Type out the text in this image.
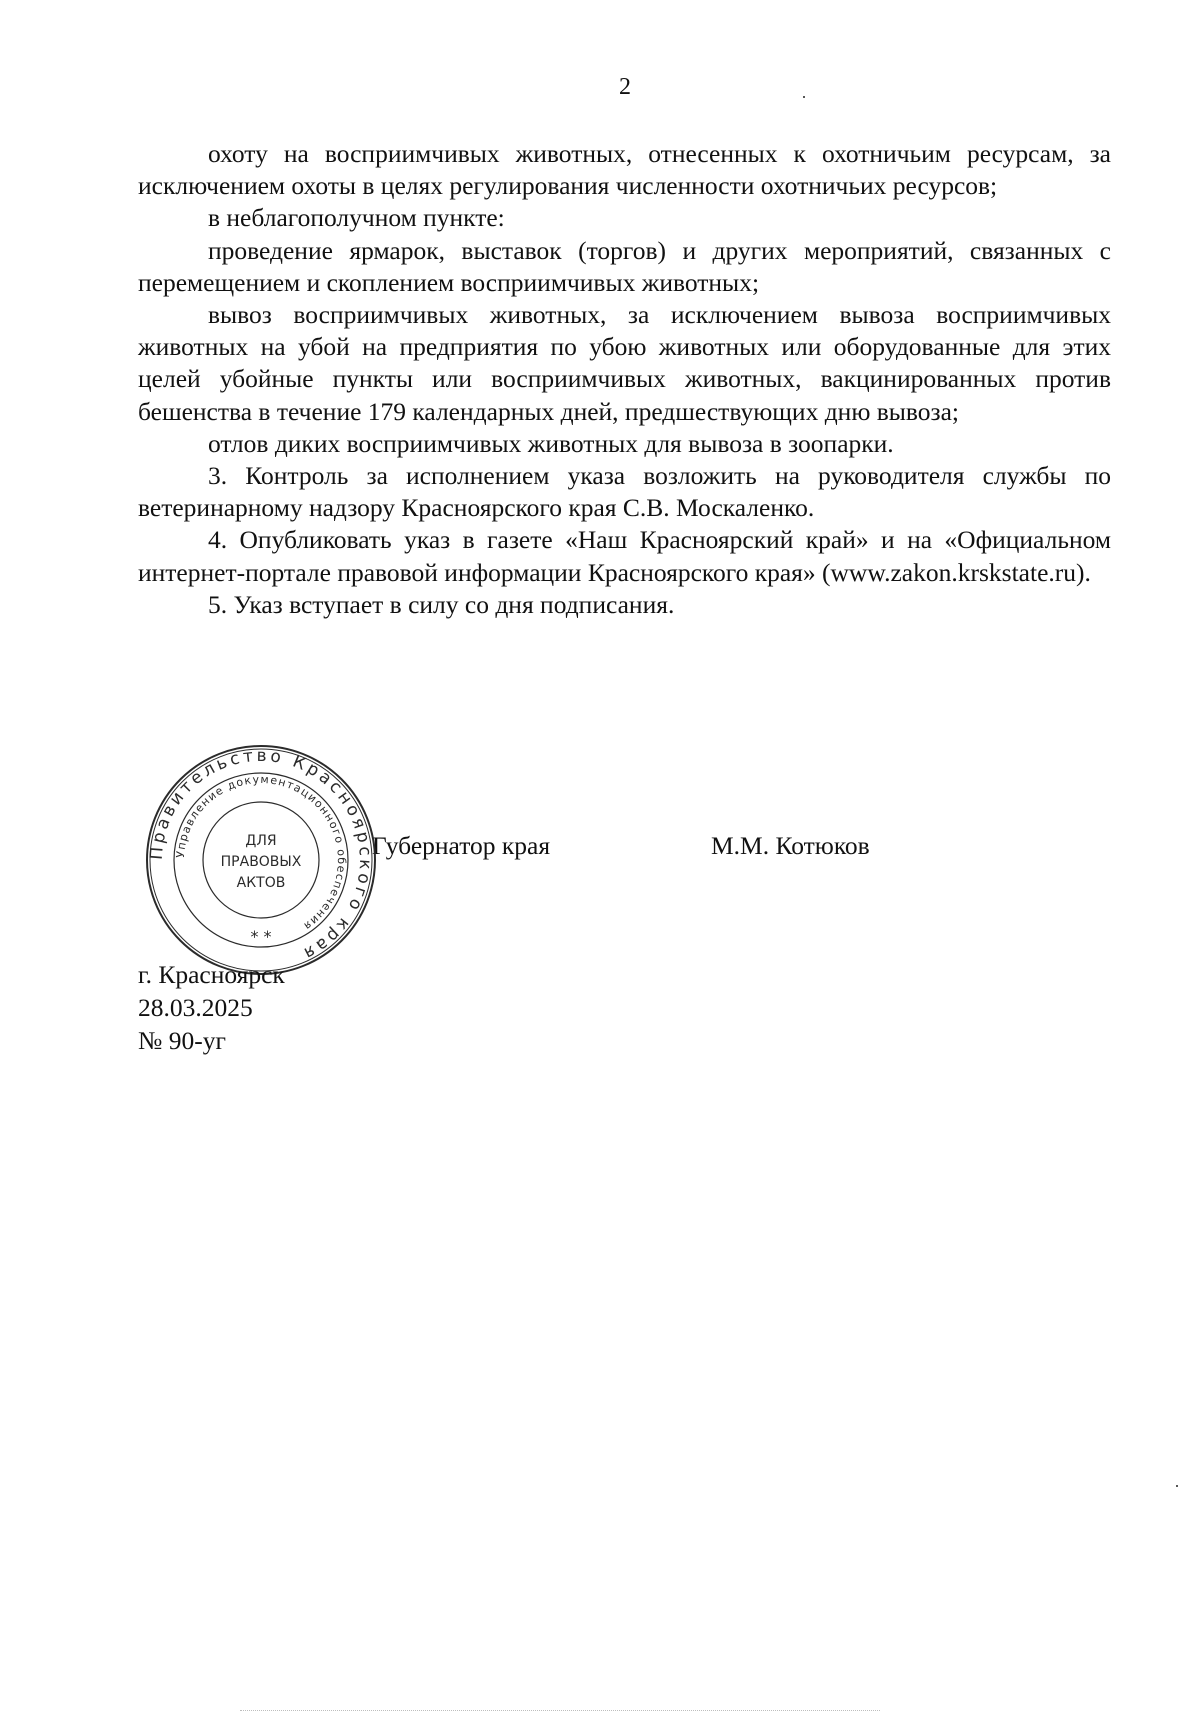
2

охоту на восприимчивых животных, отнесенных к охотничьим ресурсам, за исключением охоты в целях регулирования численности охотничьих ресурсов;

в неблагополучном пункте:

проведение ярмарок, выставок (торгов) и других мероприятий, связанных с перемещением и скоплением восприимчивых животных;

вывоз восприимчивых животных, за исключением вывоза восприимчивых животных на убой на предприятия по убою животных или оборудованные для этих целей убойные пункты или восприимчивых животных, вакцинированных против бешенства в течение 179 календарных дней, предшествующих дню вывоза;

отлов диких восприимчивых животных для вывоза в зоопарки.

3. Контроль за исполнением указа возложить на руководителя службы по ветеринарному надзору Красноярского края С.В. Москаленко.

4. Опубликовать указ в газете «Наш Красноярский край» и на «Официальном интернет-портале правовой информации Красноярского края» (www.zakon.krskstate.ru).

5. Указ вступает в силу со дня подписания.

Губернатор края	М.М. Котюков
Правительство Красноярского края
Управление документационного обеспечения
ДЛЯ
ПРАВОВЫХ
АКТОВ
* *
г. Красноярск
28.03.2025
№ 90-уг
